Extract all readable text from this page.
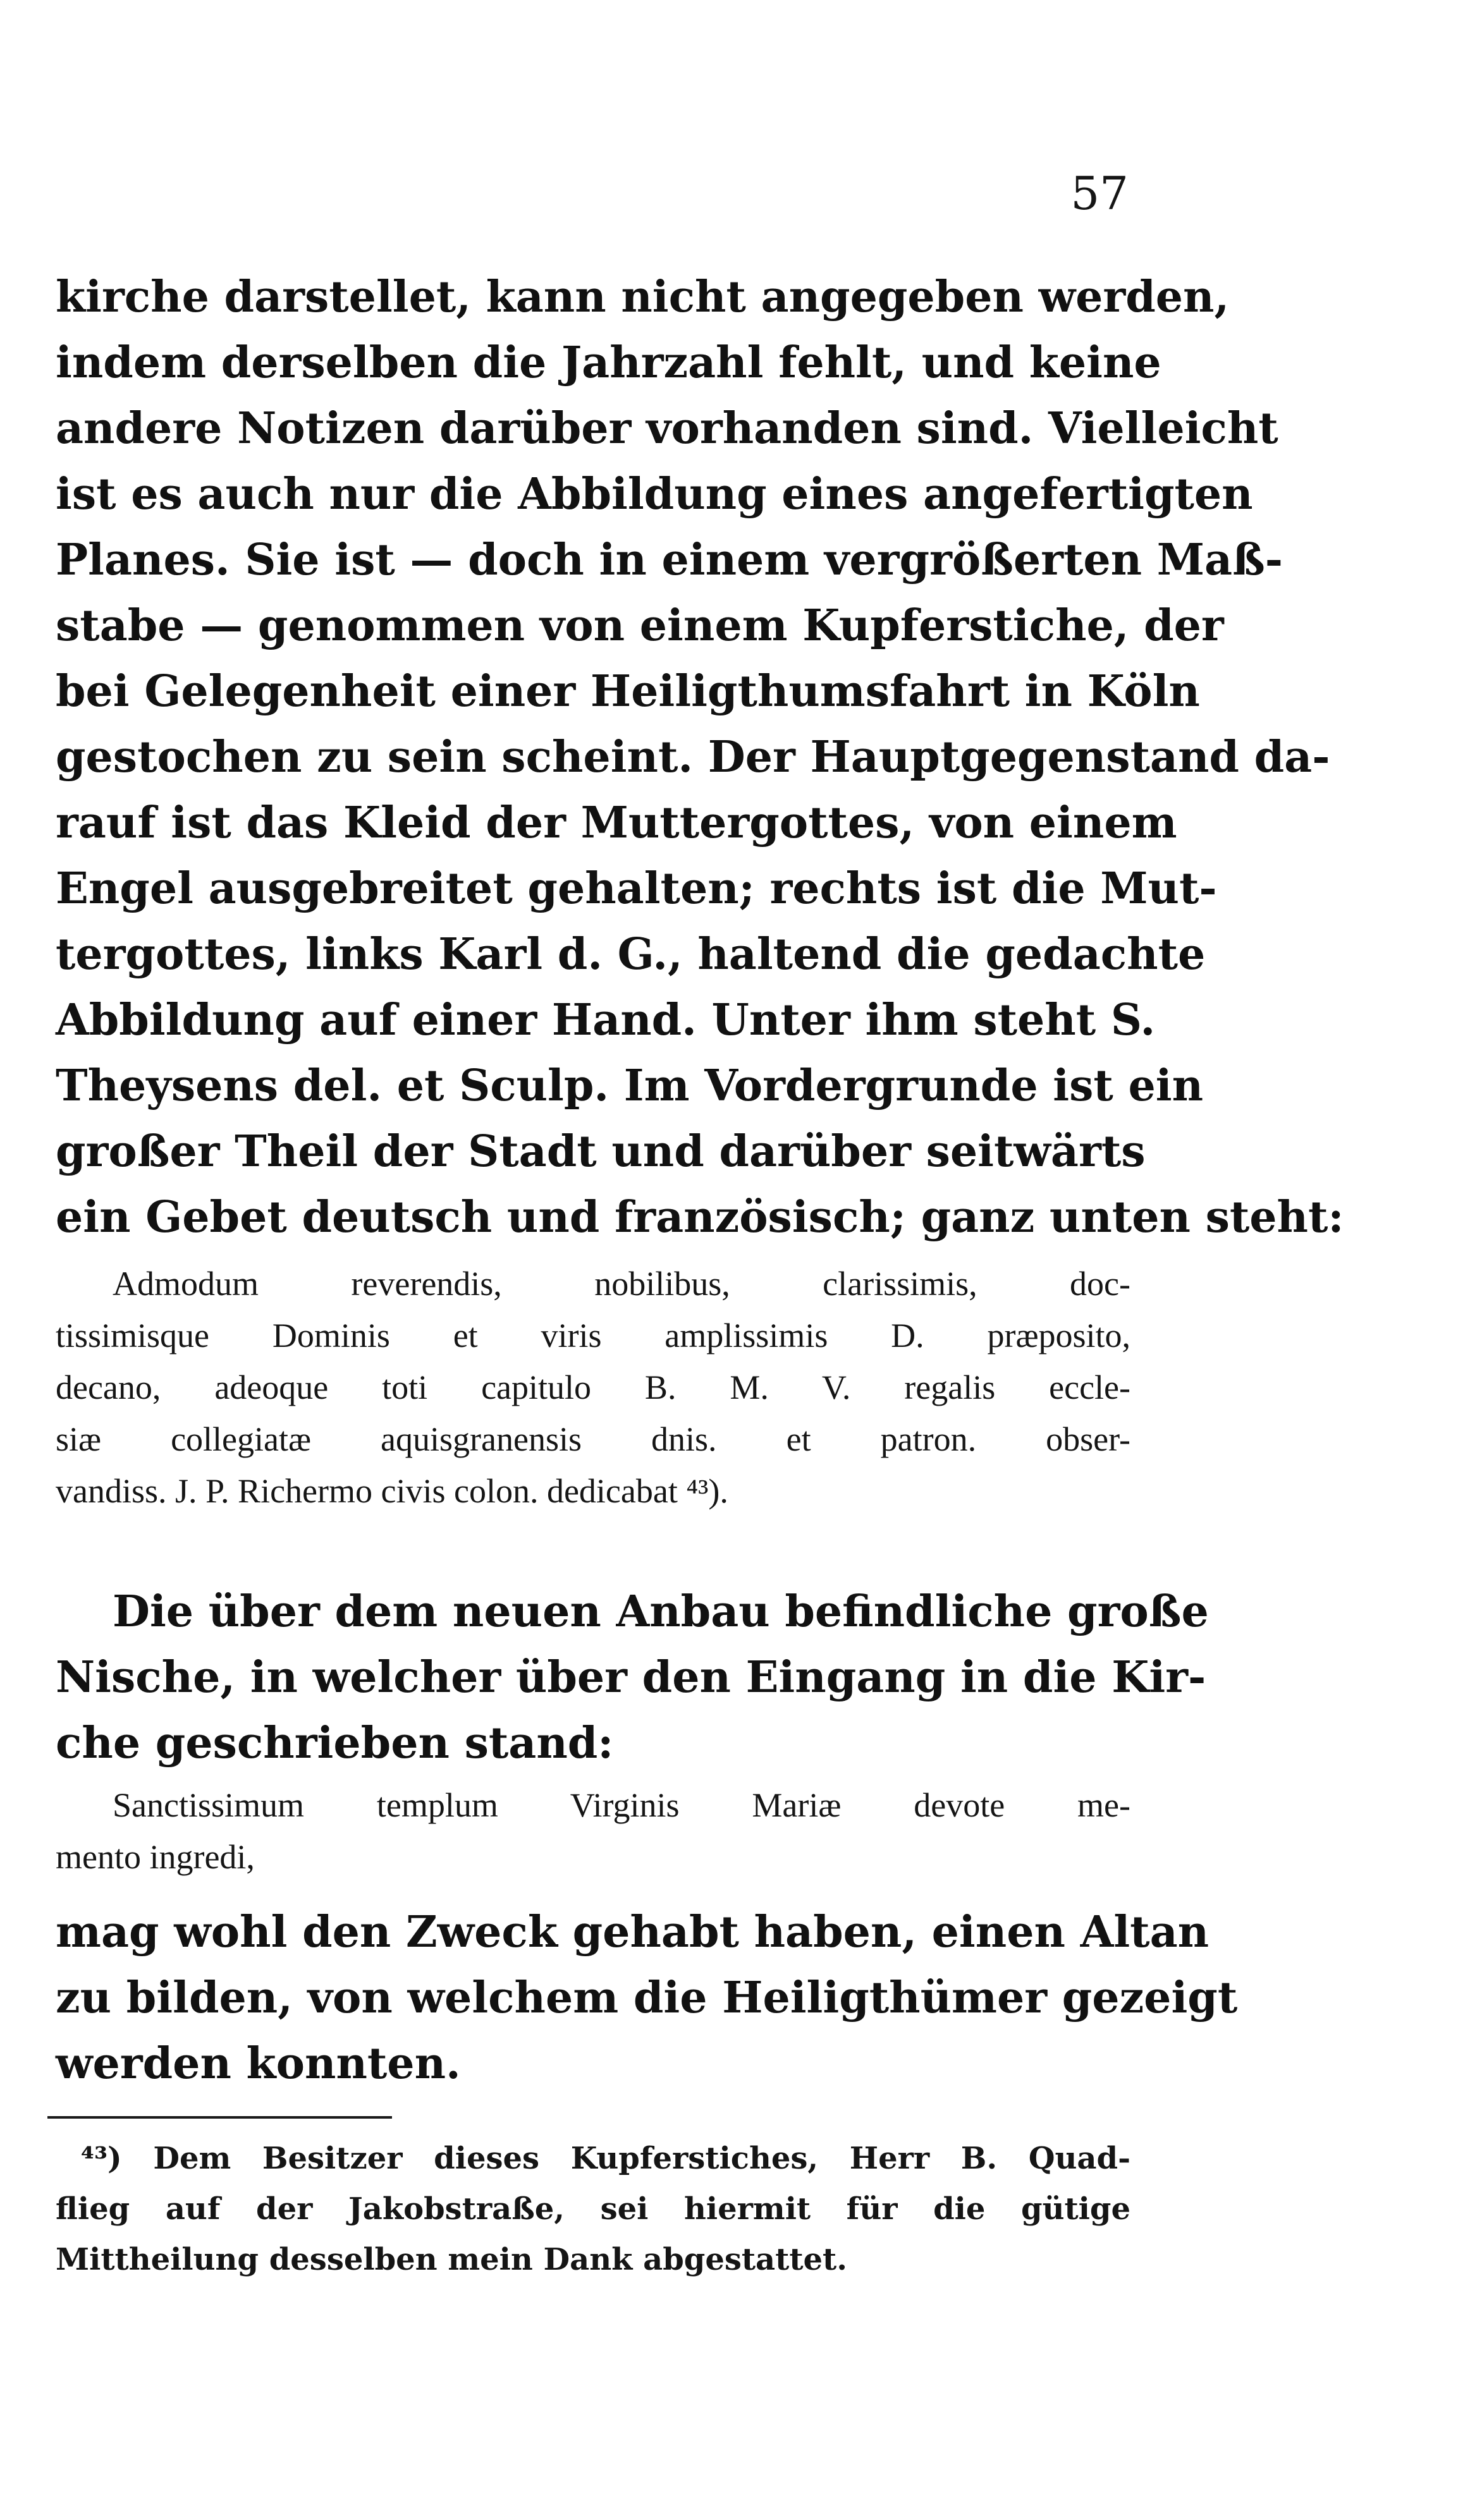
57
kirche darstellet, kann nicht angegeben werden,
indem derselben die Jahrzahl fehlt, und keine
andere Notizen darüber vorhanden sind. Vielleicht
ist es auch nur die Abbildung eines angefertigten
Planes. Sie ist — doch in einem vergrößerten Maß-
stabe — genommen von einem Kupferstiche, der
bei Gelegenheit einer Heiligthumsfahrt in Köln
gestochen zu sein scheint. Der Hauptgegenstand da-
rauf ist das Kleid der Muttergottes, von einem
Engel ausgebreitet gehalten; rechts ist die Mut-
tergottes, links Karl d. G., haltend die gedachte
Abbildung auf einer Hand. Unter ihm steht S.
Theysens del. et Sculp. Im Vordergrunde ist ein
großer Theil der Stadt und darüber seitwärts
ein Gebet deutsch und französisch; ganz unten steht:
Admodum reverendis, nobilibus, clarissimis, doc-
tissimisque Dominis et viris amplissimis D. præposito,
decano, adeoque toti capitulo B. M. V. regalis eccle-
siæ collegiatæ aquisgranensis dnis. et patron. obser-
vandiss. J. P. Richermo civis colon. dedicabat ⁴³).
Die über dem neuen Anbau befindliche große
Nische, in welcher über den Eingang in die Kir-
che geschrieben stand:
Sanctissimum templum Virginis Mariæ devote me-
mento ingredi,
mag wohl den Zweck gehabt haben, einen Altan
zu bilden, von welchem die Heiligthümer gezeigt
werden konnten.
⁴³) Dem Besitzer dieses Kupferstiches, Herr B. Quad-
flieg auf der Jakobstraße, sei hiermit für die gütige
Mittheilung desselben mein Dank abgestattet.
